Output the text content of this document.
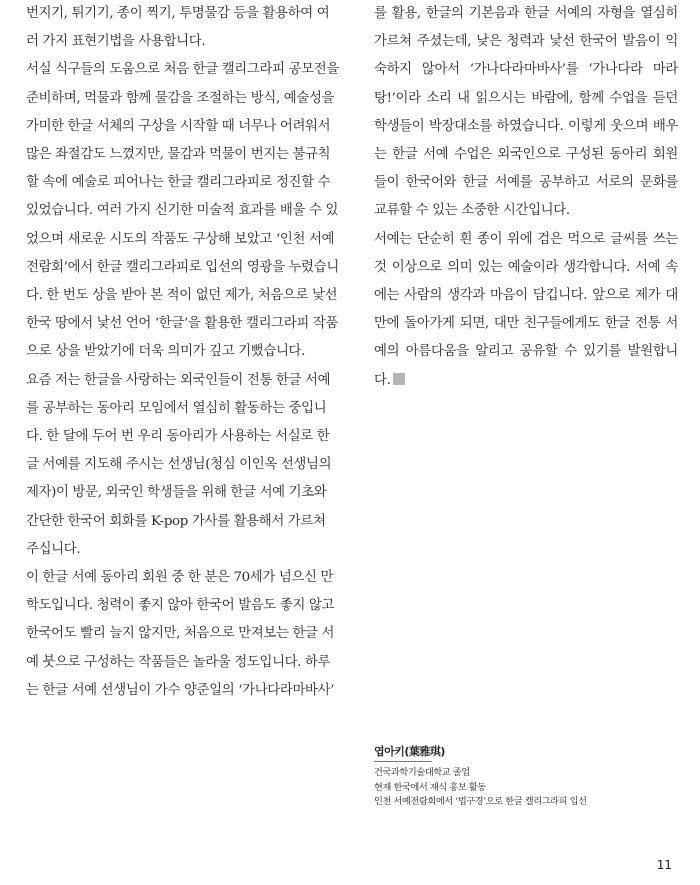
번지기, 튀기기, 종이 찍기, 투명물감 등을 활용하여 여러 가지 표현기법을 사용합니다.

서실 식구들의 도움으로 처음 한글 캘리그라피 공모전을 준비하며, 먹물과 함께 물감을 조절하는 방식, 예술성을 가미한 한글 서체의 구상을 시작할 때 너무나 어려워서 많은 좌절감도 느꼈지만, 물감과 먹물이 번지는 불규칙할 속에 예술로 피어나는 한글 캘리그라피로 정진할 수 있었습니다. 여러 가지 신기한 미술적 효과를 배울 수 있었으며 새로운 시도의 작품도 구상해 보았고 ‘인천 서예 전람회’에서 한글 캘리그라피로 입선의 영광을 누렸습니다. 한 번도 상을 받아 본 적이 없던 제가, 처음으로 낯선 한국 땅에서 낯선 언어 ‘한글’을 활용한 캘리그라피 작품으로 상을 받았기에 더욱 의미가 깊고 기뻤습니다.

요즘 저는 한글을 사랑하는 외국인들이 전통 한글 서예를 공부하는 동아리 모임에서 열심히 활동하는 중입니다. 한 달에 두어 번 우리 동아리가 사용하는 서실로 한글 서예를 지도해 주시는 선생님(청심 이인옥 선생님의 제자)이 방문, 외국인 학생들을 위해 한글 서예 기초와 간단한 한국어 회화를 K-pop 가사를 활용해서 가르쳐 주십니다.

이 한글 서예 동아리 회원 중 한 분은 70세가 넘으신 만학도입니다. 청력이 좋지 않아 한국어 발음도 좋지 않고 한국어도 빨리 늘지 않지만, 처음으로 만져보는 한글 서예 붓으로 구성하는 작품들은 놀라울 정도입니다. 하루는 한글 서예 선생님이 가수 양준일의 ‘가나다라마바사’

를 활용, 한글의 기본음과 한글 서예의 자형을 열심히 가르쳐 주셨는데, 낮은 청력과 낯선 한국어 발음이 익숙하지 않아서 ‘가나다라마바사’를 ‘가나다라 마라탕!’이라 소리 내 읽으시는 바람에, 함께 수업을 듣던 학생들이 박장대소를 하였습니다. 이렇게 웃으며 배우는 한글 서예 수업은 외국인으로 구성된 동아리 회원들이 한국어와 한글 서예를 공부하고 서로의 문화를 교류할 수 있는 소중한 시간입니다.

서예는 단순히 흰 종이 위에 검은 먹으로 글씨를 쓰는 것 이상으로 의미 있는 예술이라 생각합니다. 서예 속에는 사람의 생각과 마음이 담깁니다. 앞으로 제가 대만에 돌아가게 되면, 대만 친구들에게도 한글 전통 서예의 아름다움을 알리고 공유할 수 있기를 발원합니다.

엽아키(葉雅琪)
건국과학기술대학교 졸업
현재 한국에서 재식 홍보 활동
인천 서예전람회에서 ‘법구경’으로 한글 캘리그라피 입선
11
